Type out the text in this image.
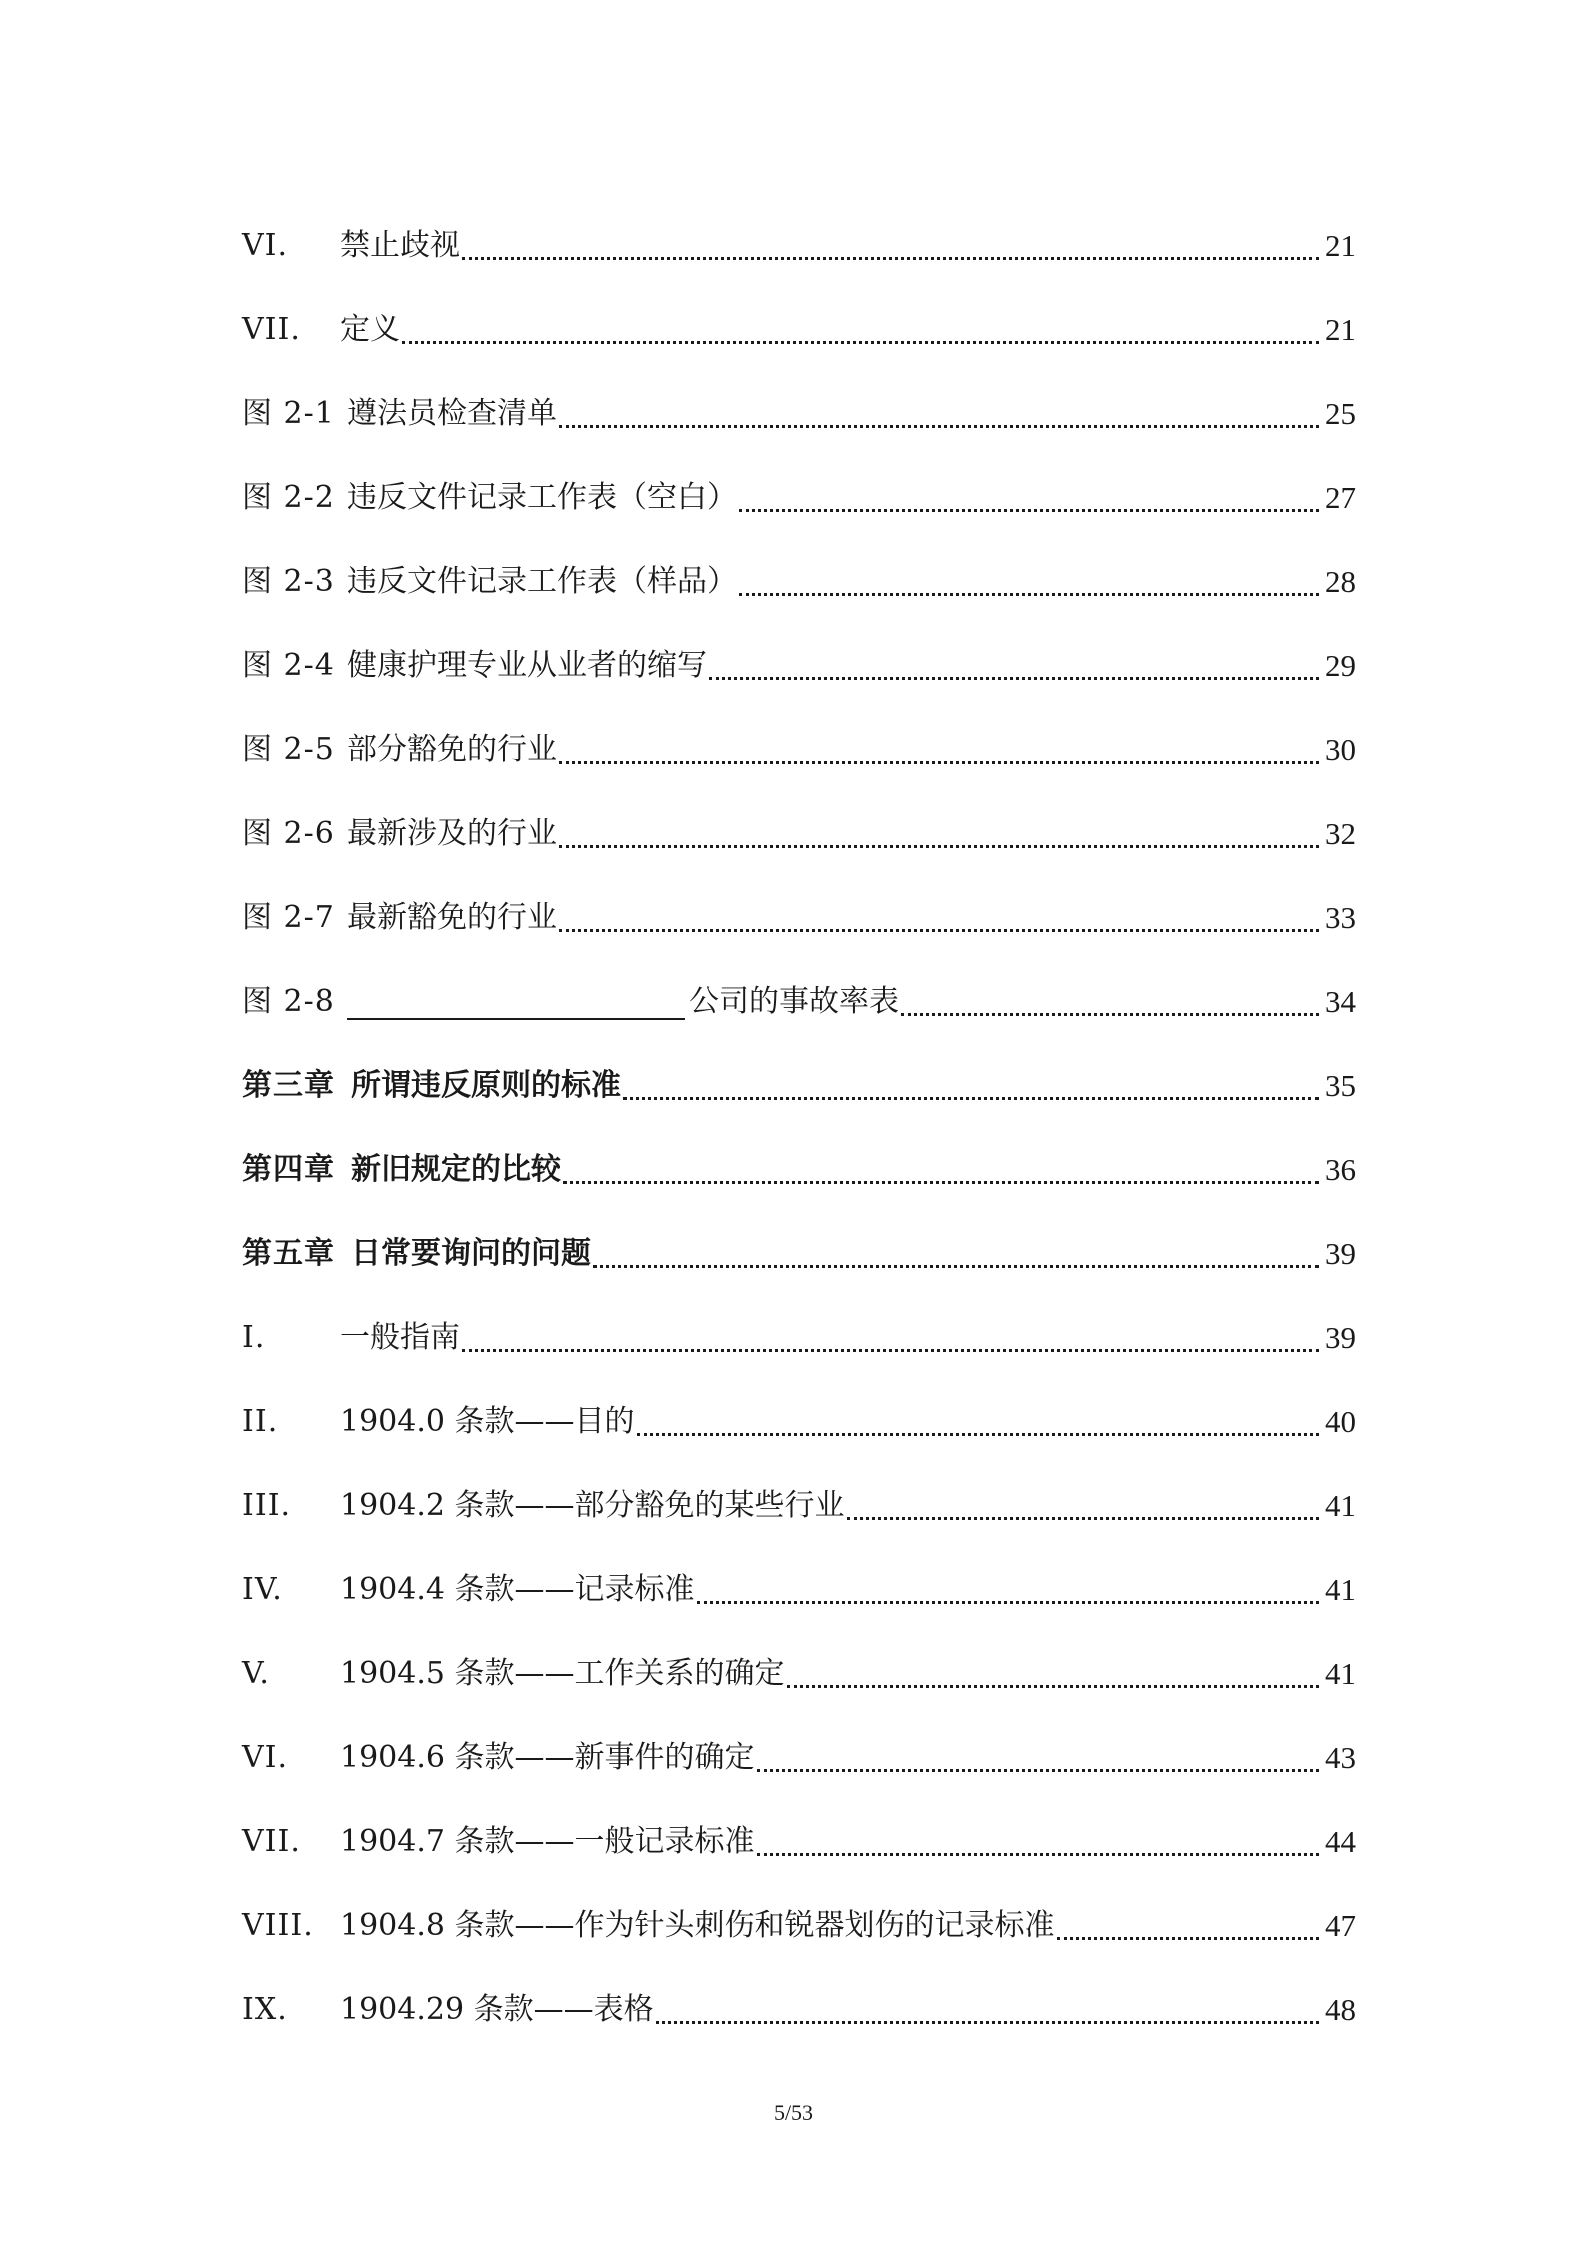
VI.	禁止歧视	21
VII.	定义	21
图 2-1 遵法员检查清单	25
图 2-2 违反文件记录工作表（空白）	27
图 2-3 违反文件记录工作表（样品）	28
图 2-4 健康护理专业从业者的缩写	29
图 2-5 部分豁免的行业	30
图 2-6 最新涉及的行业	32
图 2-7 最新豁免的行业	33
图 2-8	公司的事故率表	34
第三章 所谓违反原则的标准	35
第四章 新旧规定的比较	36
第五章 日常要询问的问题	39
I.	一般指南	39
II.	1904.0 条款——目的	40
III.	1904.2 条款——部分豁免的某些行业	41
IV.	1904.4 条款——记录标准	41
V.	1904.5 条款——工作关系的确定	41
VI.	1904.6 条款——新事件的确定	43
VII.	1904.7 条款——一般记录标准	44
VIII. 1904.8 条款——作为针头刺伤和锐器划伤的记录标准	47
IX.	1904.29 条款——表格	48
5/53
